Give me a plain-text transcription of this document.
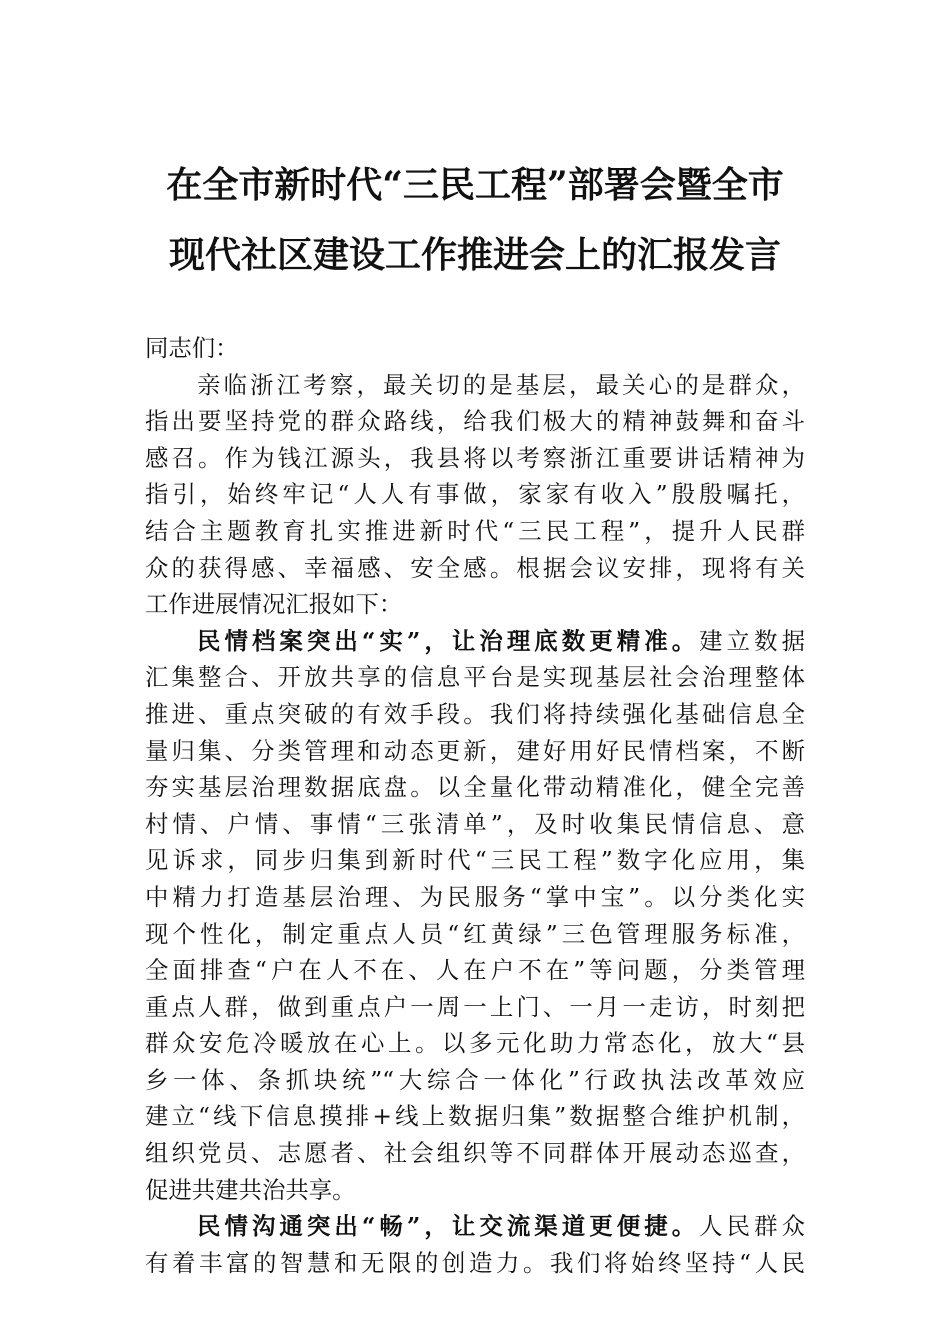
在全市新时代“三民工程”部署会暨全市
现代社区建设工作推进会上的汇报发言
同志们：
亲临浙江考察，最关切的是基层，最关心的是群众，
指出要坚持党的群众路线，给我们极大的精神鼓舞和奋斗
感召。作为钱江源头，我县将以考察浙江重要讲话精神为
指引，始终牢记“人人有事做，家家有收入”殷殷嘱托，
结合主题教育扎实推进新时代“三民工程”，提升人民群
众的获得感、幸福感、安全感。根据会议安排，现将有关
工作进展情况汇报如下：
民情档案突出“实”，让治理底数更精准。建立数据
汇集整合、开放共享的信息平台是实现基层社会治理整体
推进、重点突破的有效手段。我们将持续强化基础信息全
量归集、分类管理和动态更新，建好用好民情档案，不断
夯实基层治理数据底盘。以全量化带动精准化，健全完善
村情、户情、事情“三张清单”，及时收集民情信息、意
见诉求，同步归集到新时代“三民工程”数字化应用，集
中精力打造基层治理、为民服务“掌中宝”。以分类化实
现个性化，制定重点人员“红黄绿”三色管理服务标准，
全面排查“户在人不在、人在户不在”等问题，分类管理
重点人群，做到重点户一周一上门、一月一走访，时刻把
群众安危冷暖放在心上。以多元化助力常态化，放大“县
乡一体、条抓块统”“大综合一体化”行政执法改革效应
建立“线下信息摸排+线上数据归集”数据整合维护机制，
组织党员、志愿者、社会组织等不同群体开展动态巡查，
促进共建共治共享。
民情沟通突出“畅”，让交流渠道更便捷。人民群众
有着丰富的智慧和无限的创造力。我们将始终坚持“人民
